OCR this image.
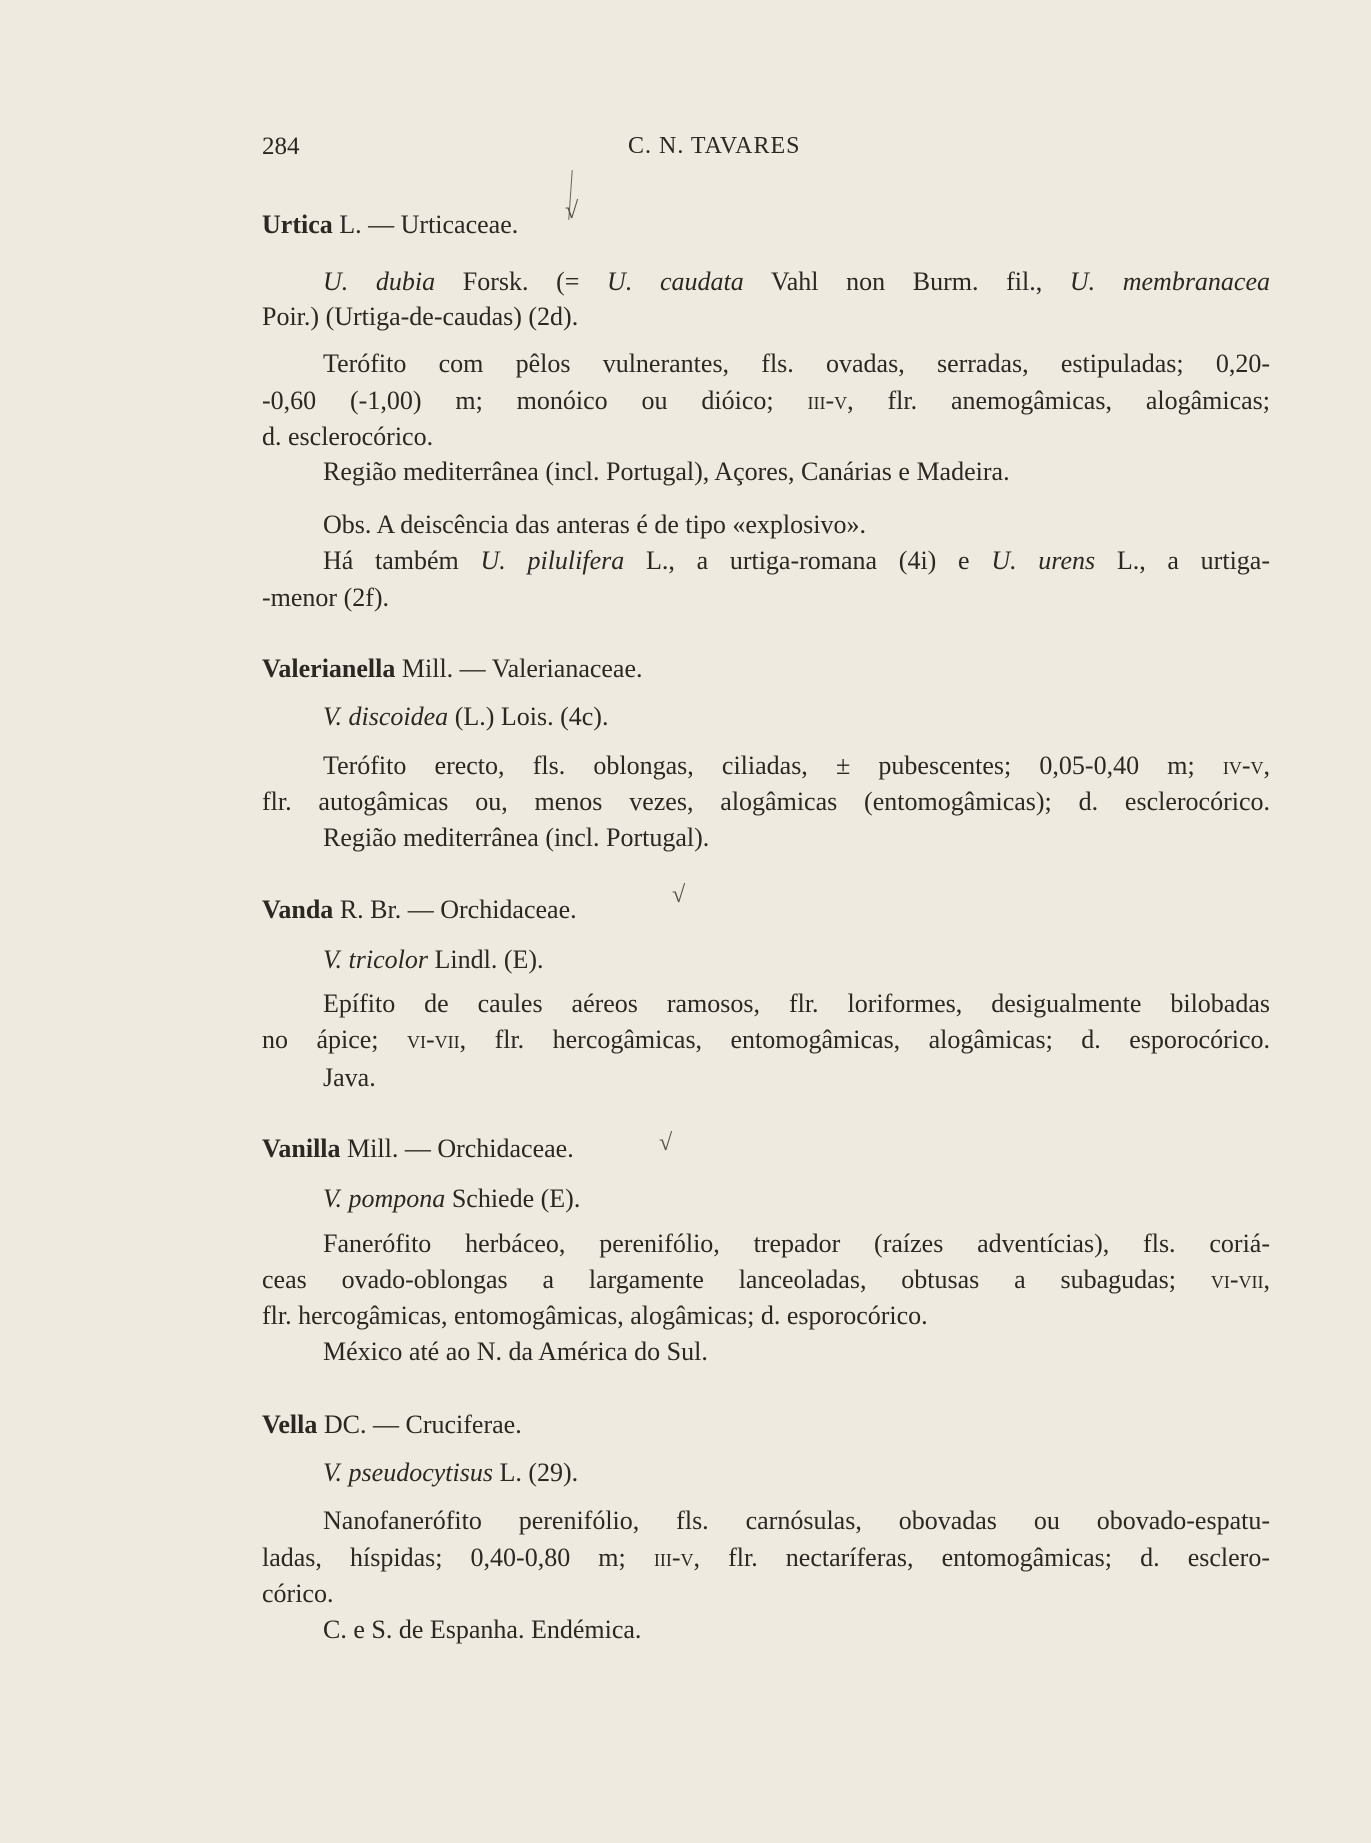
284	C. N. TAVARES
√
√
√
Urtica L. — Urticaceae.
U. dubia Forsk. (= U. caudata Vahl non Burm. fil., U. membranacea
Poir.) (Urtiga-de-caudas) (2d).
Terófito com pêlos vulnerantes, fls. ovadas, serradas, estipuladas; 0,20-
-0,60 (-1,00) m; monóico ou dióico; iii-v, flr. anemogâmicas, alogâmicas;
d. esclerocórico.
Região mediterrânea (incl. Portugal), Açores, Canárias e Madeira.
Obs. A deiscência das anteras é de tipo «explosivo».
Há também U. pilulifera L., a urtiga-romana (4i) e U. urens L., a urtiga-
-menor (2f).
Valerianella Mill. — Valerianaceae.
V. discoidea (L.) Lois. (4c).
Terófito erecto, fls. oblongas, ciliadas, ± pubescentes; 0,05-0,40 m; iv-v,
flr. autogâmicas ou, menos vezes, alogâmicas (entomogâmicas); d. esclerocórico.
Região mediterrânea (incl. Portugal).
Vanda R. Br. — Orchidaceae.
V. tricolor Lindl. (E).
Epífito de caules aéreos ramosos, flr. loriformes, desigualmente bilobadas
no ápice; vi-vii, flr. hercogâmicas, entomogâmicas, alogâmicas; d. esporocórico.
Java.
Vanilla Mill. — Orchidaceae.
V. pompona Schiede (E).
Fanerófito herbáceo, perenifólio, trepador (raízes adventícias), fls. coriá-
ceas ovado-oblongas a largamente lanceoladas, obtusas a subagudas; vi-vii,
flr. hercogâmicas, entomogâmicas, alogâmicas; d. esporocórico.
México até ao N. da América do Sul.
Vella DC. — Cruciferae.
V. pseudocytisus L. (29).
Nanofanerófito perenifólio, fls. carnósulas, obovadas ou obovado-espatu-
ladas, híspidas; 0,40-0,80 m; iii-v, flr. nectaríferas, entomogâmicas; d. esclero-
córico.
C. e S. de Espanha. Endémica.
